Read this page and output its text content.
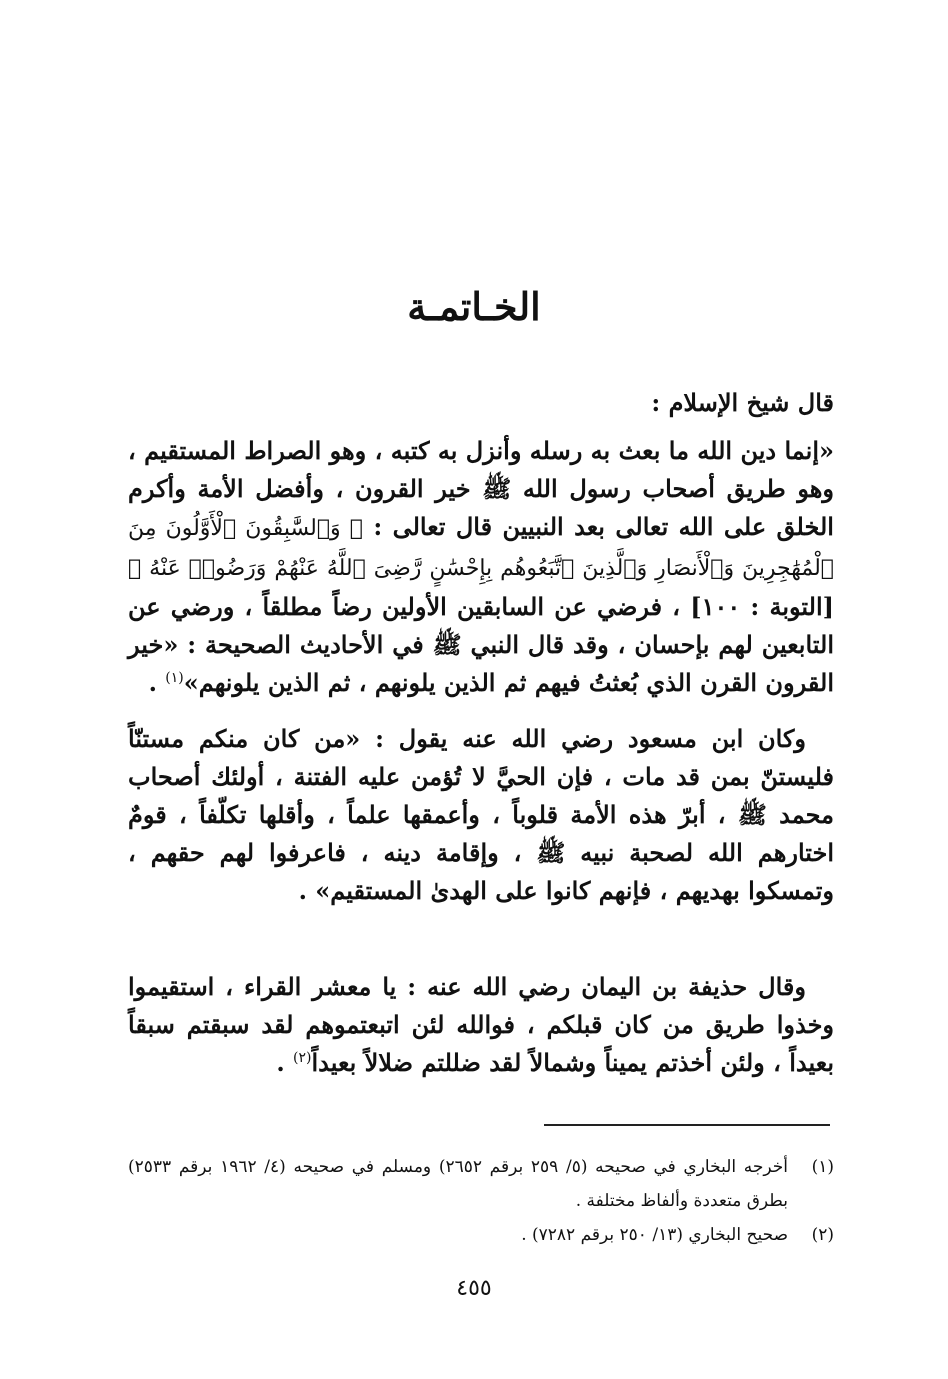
الخـاتمـة

قال شيخ الإسلام :

«إنما دين الله ما بعث به رسله وأنزل به كتبه ، وهو الصراط المستقيم ، وهو طريق أصحاب رسول الله ﷺ خير القرون ، وأفضل الأمة وأكرم الخلق على الله تعالى بعد النبيين قال تعالى : ﴿ وَٱلسَّٰبِقُونَ ٱلْأَوَّلُونَ مِنَ ٱلْمُهَٰجِرِينَ وَٱلْأَنصَارِ وَٱلَّذِينَ ٱتَّبَعُوهُم بِإِحْسَٰنٍ رَّضِىَ ٱللَّهُ عَنْهُمْ وَرَضُوا۟ عَنْهُ ﴾ [التوبة : ١٠٠] ، فرضي عن السابقين الأولين رضاً مطلقاً ، ورضي عن التابعين لهم بإحسان ، وقد قال النبي ﷺ في الأحاديث الصحيحة : «خير القرون القرن الذي بُعثتُ فيهم ثم الذين يلونهم ، ثم الذين يلونهم»$^{(١)}$ .

وكان ابن مسعود رضي الله عنه يقول : «من كان منكم مستنّاً فليستنّ بمن قد مات ، فإن الحيَّ لا تُؤمن عليه الفتنة ، أولئك أصحاب محمد ﷺ ، أبرّ هذه الأمة قلوباً ، وأعمقها علماً ، وأقلها تكلّفاً ، قومٌ اختارهم الله لصحبة نبيه ﷺ ، وإقامة دينه ، فاعرفوا لهم حقهم ، وتمسكوا بهديهم ، فإنهم كانوا على الهدىٰ المستقيم» .

وقال حذيفة بن اليمان رضي الله عنه : يا معشر القراء ، استقيموا وخذوا طريق من كان قبلكم ، فوالله لئن اتبعتموهم لقد سبقتم سبقاً بعيداً ، ولئن أخذتم يميناً وشمالاً لقد ضللتم ضلالاً بعيداً$^{(٢)}$ .

(١)
أخرجه البخاري في صحيحه (٥/ ٢٥٩ برقم ٢٦٥٢) ومسلم في صحيحه (٤/ ١٩٦٢ برقم ٢٥٣٣) بطرق متعددة وألفاظ مختلفة .
(٢)
صحيح البخاري (١٣/ ٢٥٠ برقم ٧٢٨٢) .
٤٥٥
